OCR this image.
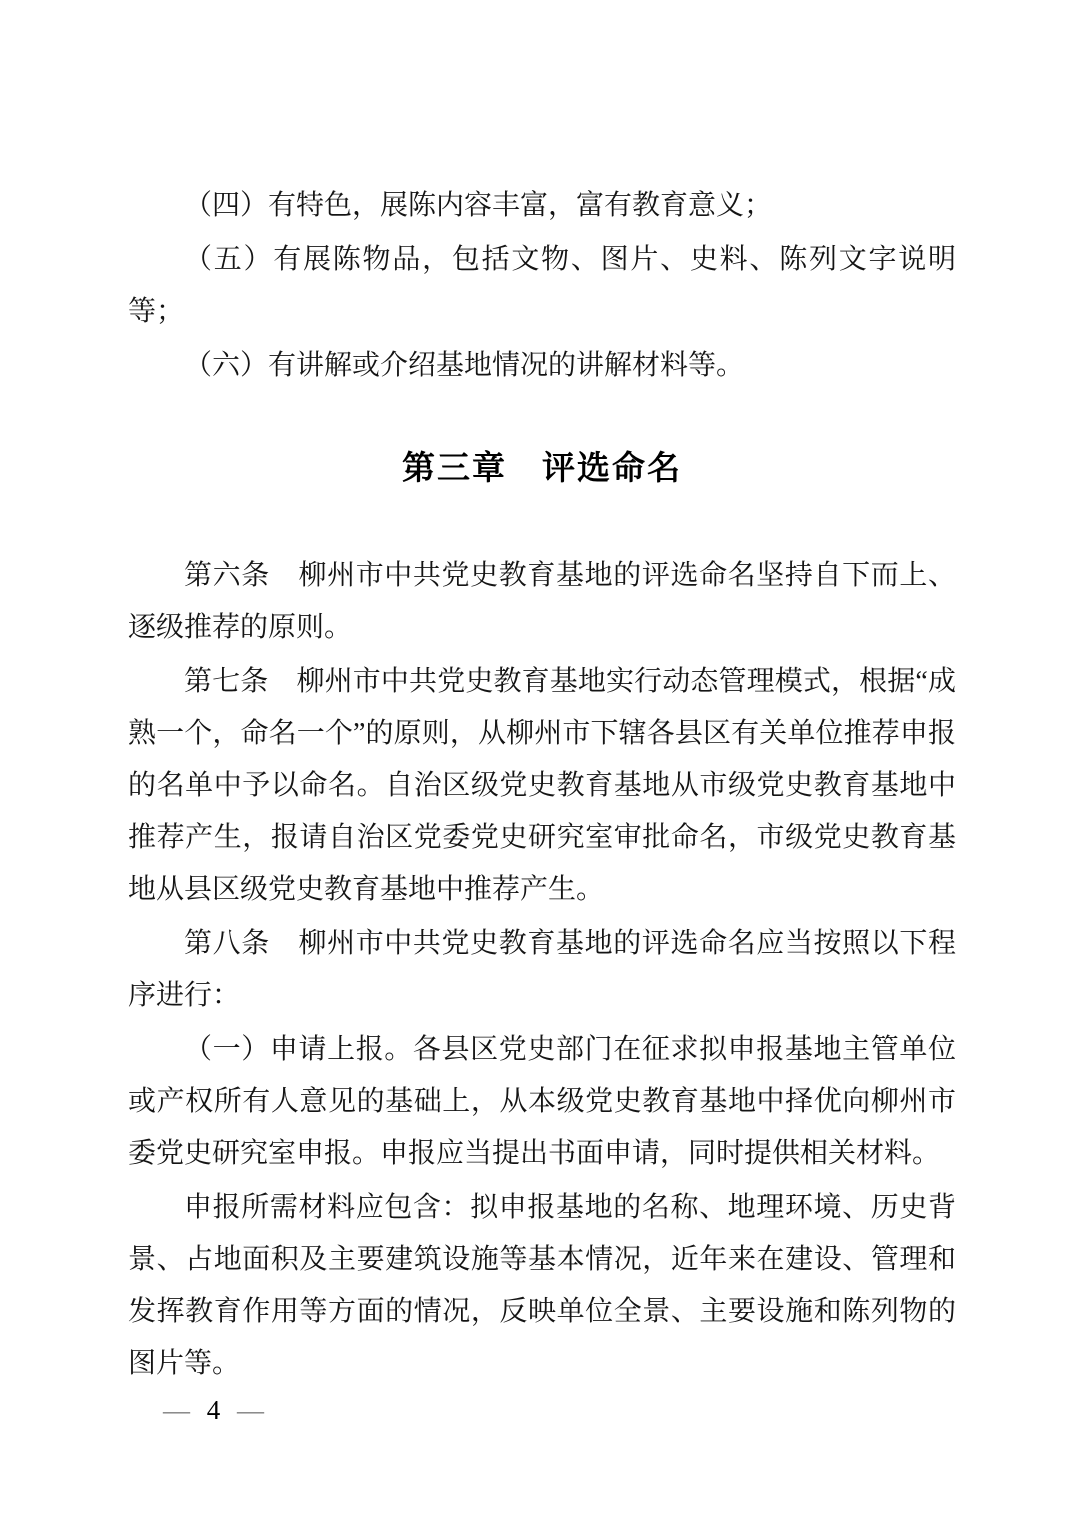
（四）有特色，展陈内容丰富，富有教育意义；

（五）有展陈物品，包括文物、图片、史料、陈列文字说明等；

（六）有讲解或介绍基地情况的讲解材料等。

第三章　评选命名

第六条　柳州市中共党史教育基地的评选命名坚持自下而上、逐级推荐的原则。

第七条　柳州市中共党史教育基地实行动态管理模式，根据“成熟一个，命名一个”的原则，从柳州市下辖各县区有关单位推荐申报的名单中予以命名。自治区级党史教育基地从市级党史教育基地中推荐产生，报请自治区党委党史研究室审批命名，市级党史教育基地从县区级党史教育基地中推荐产生。

第八条　柳州市中共党史教育基地的评选命名应当按照以下程序进行：

（一）申请上报。各县区党史部门在征求拟申报基地主管单位或产权所有人意见的基础上，从本级党史教育基地中择优向柳州市委党史研究室申报。申报应当提出书面申请，同时提供相关材料。

申报所需材料应包含：拟申报基地的名称、地理环境、历史背景、占地面积及主要建筑设施等基本情况，近年来在建设、管理和发挥教育作用等方面的情况，反映单位全景、主要设施和陈列物的图片等。

— 4 —
